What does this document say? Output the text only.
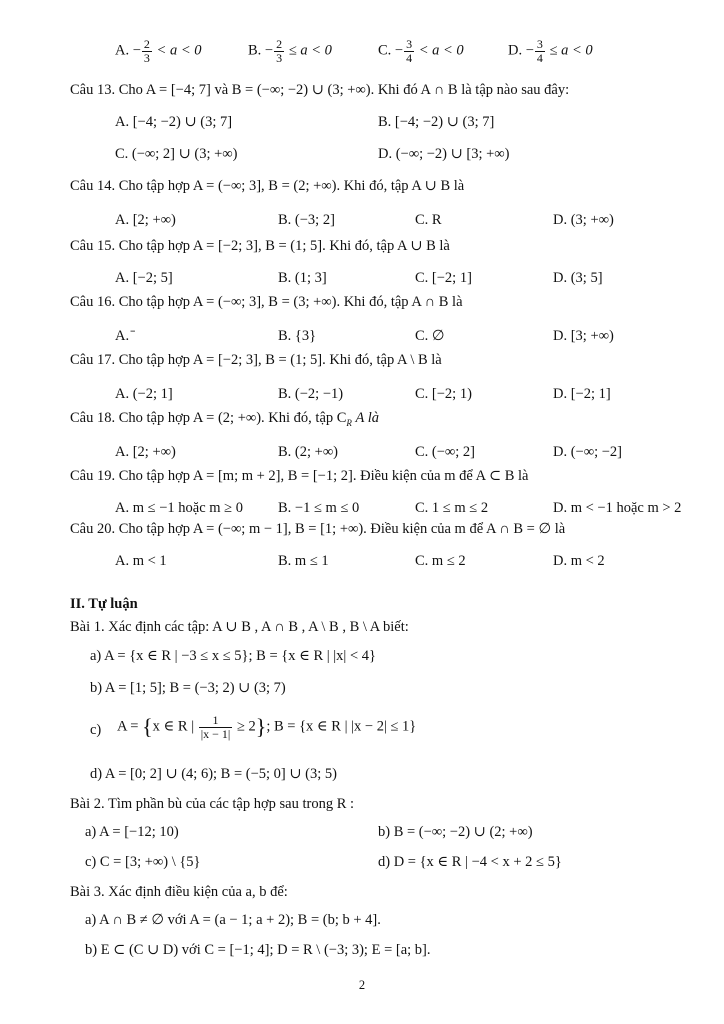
A. − $\frac{2}{3} < a < 0$	B. − $\frac{2}{3} \le a < 0$	C. − $\frac{3}{4} < a < 0$	D. − $\frac{3}{4} \le a < 0$
Câu 13. Cho A = [−4; 7] và B = (−∞; −2) ∪ (3; +∞). Khi đó A ∩ B là tập nào sau đây:
A. [−4; −2) ∪ (3; 7]	B. [−4; −2) ∪ (3; 7]
C. (−∞; 2] ∪ (3; +∞)	D. (−∞; −2) ∪ [3; +∞)
Câu 14. Cho tập hợp A = (−∞; 3], B = (2; +∞). Khi đó, tập A ∪ B là
A. [2; +∞)	B. (−3; 2]	C. R	D. (3; +∞)
Câu 15. Cho tập hợp A = [−2; 3], B = (1; 5]. Khi đó, tập A ∪ B là
A. [−2; 5]	B. (1; 3]	C. [−2; 1]	D. (3; 5]
Câu 16. Cho tập hợp A = (−∞; 3], B = (3; +∞). Khi đó, tập A ∩ B là
A. ̄	B. {3}	C. ∅	D. [3; +∞)
Câu 17. Cho tập hợp A = [−2; 3], B = (1; 5]. Khi đó, tập A \ B là
A. (−2; 1]	B. (−2; −1)	C. [−2; 1)	D. [−2; 1]
Câu 18. Cho tập hợp A = (2; +∞). Khi đó, tập $C_R$ A là
A. [2; +∞)	B. (2; +∞)	C. (−∞; 2]	D. (−∞; −2]
Câu 19. Cho tập hợp A = [m; m + 2], B = [−1; 2]. Điều kiện của m để A ⊂ B là
A. m ≤ −1 hoặc m ≥ 0 B. −1 ≤ m ≤ 0	C. 1 ≤ m ≤ 2	D. m < −1 hoặc m > 2
Câu 20. Cho tập hợp A = (−∞; m − 1], B = [1; +∞). Điều kiện của m để A ∩ B = ∅ là
A. m < 1	B. m ≤ 1	C. m ≤ 2	D. m < 2
II. Tự luận
Bài 1. Xác định các tập: A ∪ B , A ∩ B , A \ B , B \ A biết:
a) A = {x ∈ R | −3 ≤ x ≤ 5}; B = {x ∈ R | |x| < 4}
b) A = [1; 5]; B = (−3; 2) ∪ (3; 7)
c) A = {x ∈ R | $\frac{1}{|x - 1|} \ge 2$}; B = {x ∈ R | |x − 2| ≤ 1}
d) A = [0; 2] ∪ (4; 6); B = (−5; 0] ∪ (3; 5)
Bài 2. Tìm phần bù của các tập hợp sau trong R :
a) A = [−12; 10)	b) B = (−∞; −2) ∪ (2; +∞)
c) C = [3; +∞) \ {5}	d) D = {x ∈ R | −4 < x + 2 ≤ 5}
Bài 3. Xác định điều kiện của a, b để:
a) A ∩ B ≠ ∅ với A = (a − 1; a + 2); B = (b; b + 4].
b) E ⊂ (C ∪ D) với C = [−1; 4]; D = R \ (−3; 3); E = [a; b].
2
